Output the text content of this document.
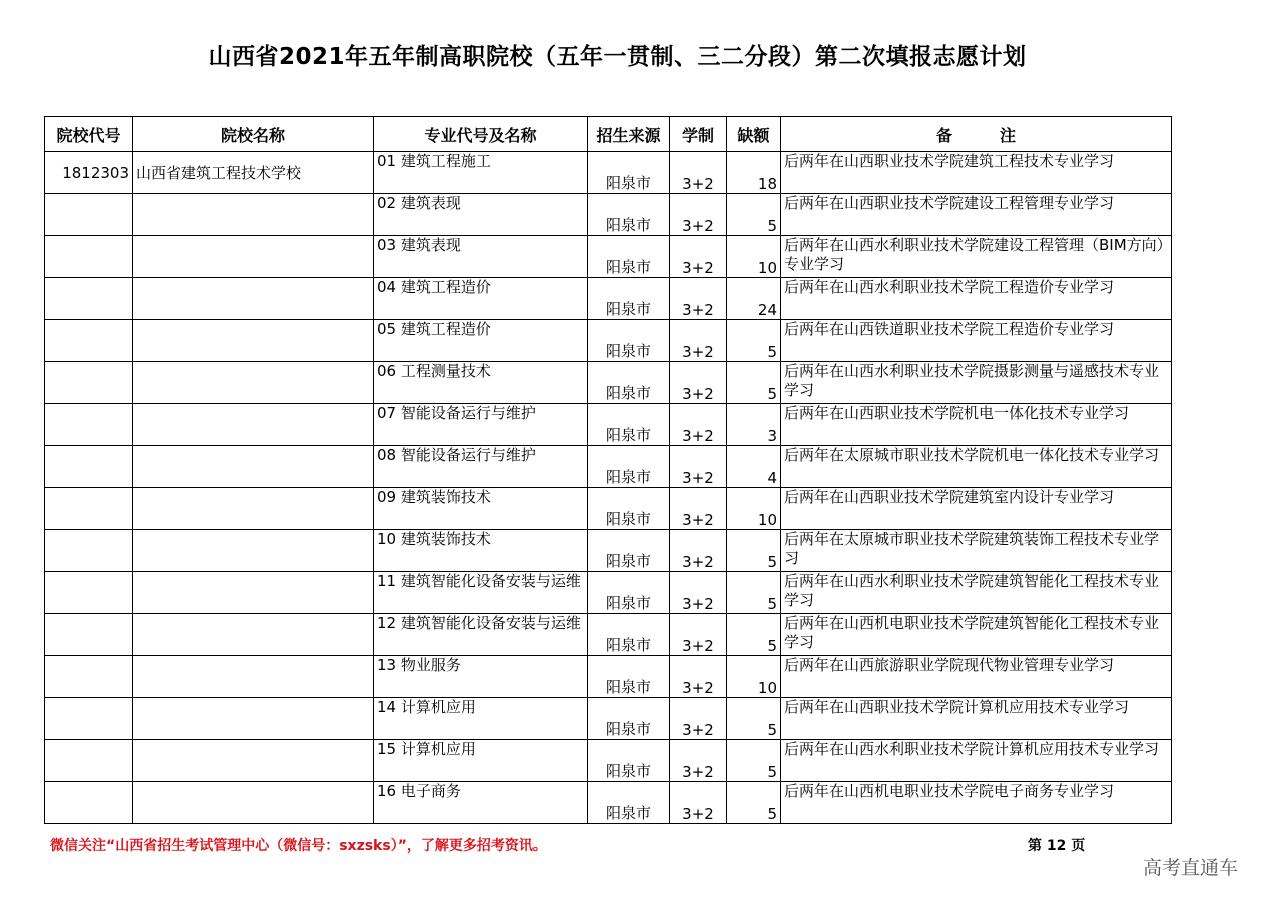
山西省2021年五年制高职院校（五年一贯制、三二分段）第二次填报志愿计划
院校代号	院校名称	专业代号及名称	招生来源	学制	缺额	备　　　注
1812303	山西省建筑工程技术学校	01 建筑工程施工	阳泉市	3+2	18	后两年在山西职业技术学院建筑工程技术专业学习
		02 建筑表现	阳泉市	3+2	5	后两年在山西职业技术学院建设工程管理专业学习
		03 建筑表现	阳泉市	3+2	10	后两年在山西水利职业技术学院建设工程管理（BIM方向）专业学习
		04 建筑工程造价	阳泉市	3+2	24	后两年在山西水利职业技术学院工程造价专业学习
		05 建筑工程造价	阳泉市	3+2	5	后两年在山西铁道职业技术学院工程造价专业学习
		06 工程测量技术	阳泉市	3+2	5	后两年在山西水利职业技术学院摄影测量与遥感技术专业学习
		07 智能设备运行与维护	阳泉市	3+2	3	后两年在山西职业技术学院机电一体化技术专业学习
		08 智能设备运行与维护	阳泉市	3+2	4	后两年在太原城市职业技术学院机电一体化技术专业学习
		09 建筑装饰技术	阳泉市	3+2	10	后两年在山西职业技术学院建筑室内设计专业学习
		10 建筑装饰技术	阳泉市	3+2	5	后两年在太原城市职业技术学院建筑装饰工程技术专业学习
		11 建筑智能化设备安装与运维	阳泉市	3+2	5	后两年在山西水利职业技术学院建筑智能化工程技术专业学习
		12 建筑智能化设备安装与运维	阳泉市	3+2	5	后两年在山西机电职业技术学院建筑智能化工程技术专业学习
		13 物业服务	阳泉市	3+2	10	后两年在山西旅游职业学院现代物业管理专业学习
		14 计算机应用	阳泉市	3+2	5	后两年在山西职业技术学院计算机应用技术专业学习
		15 计算机应用	阳泉市	3+2	5	后两年在山西水利职业技术学院计算机应用技术专业学习
		16 电子商务	阳泉市	3+2	5	后两年在山西机电职业技术学院电子商务专业学习
微信关注“山西省招生考试管理中心（微信号：sxzsks）”，了解更多招考资讯。	第 12 页
高考直通车
